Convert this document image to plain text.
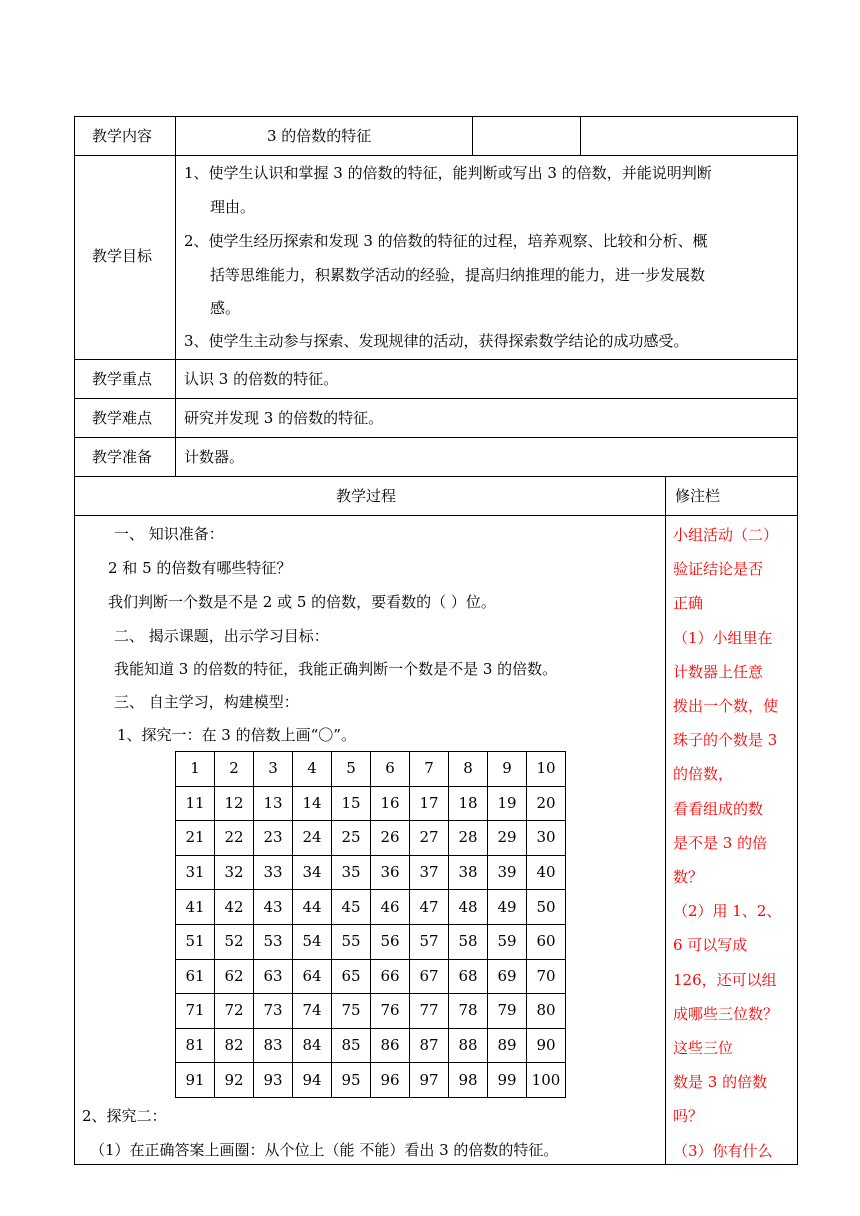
教学内容	3 的倍数的特征
教学目标
1、使学生认识和掌握 3 的倍数的特征，能判断或写出 3 的倍数，并能说明判断
理由。
2、使学生经历探索和发现 3 的倍数的特征的过程，培养观察、比较和分析、概
括等思维能力，积累数学活动的经验，提高归纳推理的能力，进一步发展数
感。
3、使学生主动参与探索、发现规律的活动，获得探索数学结论的成功感受。
教学重点 认识 3 的倍数的特征。
教学难点 研究并发现 3 的倍数的特征。
教学准备 计数器。
教学过程	修注栏
一、 知识准备：
2 和 5 的倍数有哪些特征？
我们判断一个数是不是 2 或 5 的倍数，要看数的（ ）位。
二、 揭示课题，出示学习目标：
我能知道 3 的倍数的特征，我能正确判断一个数是不是 3 的倍数。
三、 自主学习，构建模型：
1、探究一：在 3 的倍数上画“〇”。
1	2	3	4	5	6	7	8	9	10
11	12	13	14	15	16	17	18	19	20
21	22	23	24	25	26	27	28	29	30
31	32	33	34	35	36	37	38	39	40
41	42	43	44	45	46	47	48	49	50
51	52	53	54	55	56	57	58	59	60
61	62	63	64	65	66	67	68	69	70
71	72	73	74	75	76	77	78	79	80
81	82	83	84	85	86	87	88	89	90
91	92	93	94	95	96	97	98	99	100
2、探究二：
（1）在正确答案上画圈：从个位上（能 不能）看出 3 的倍数的特征。
小组活动（二）
验证结论是否
正确
（1）小组里在
计数器上任意
拨出一个数，使
珠子的个数是 3
的倍数，
看看组成的数
是不是 3 的倍
数？
（2）用 1、2、
6 可以写成
126，还可以组
成哪些三位数？
这些三位
数是 3 的倍数
吗？
（3）你有什么
